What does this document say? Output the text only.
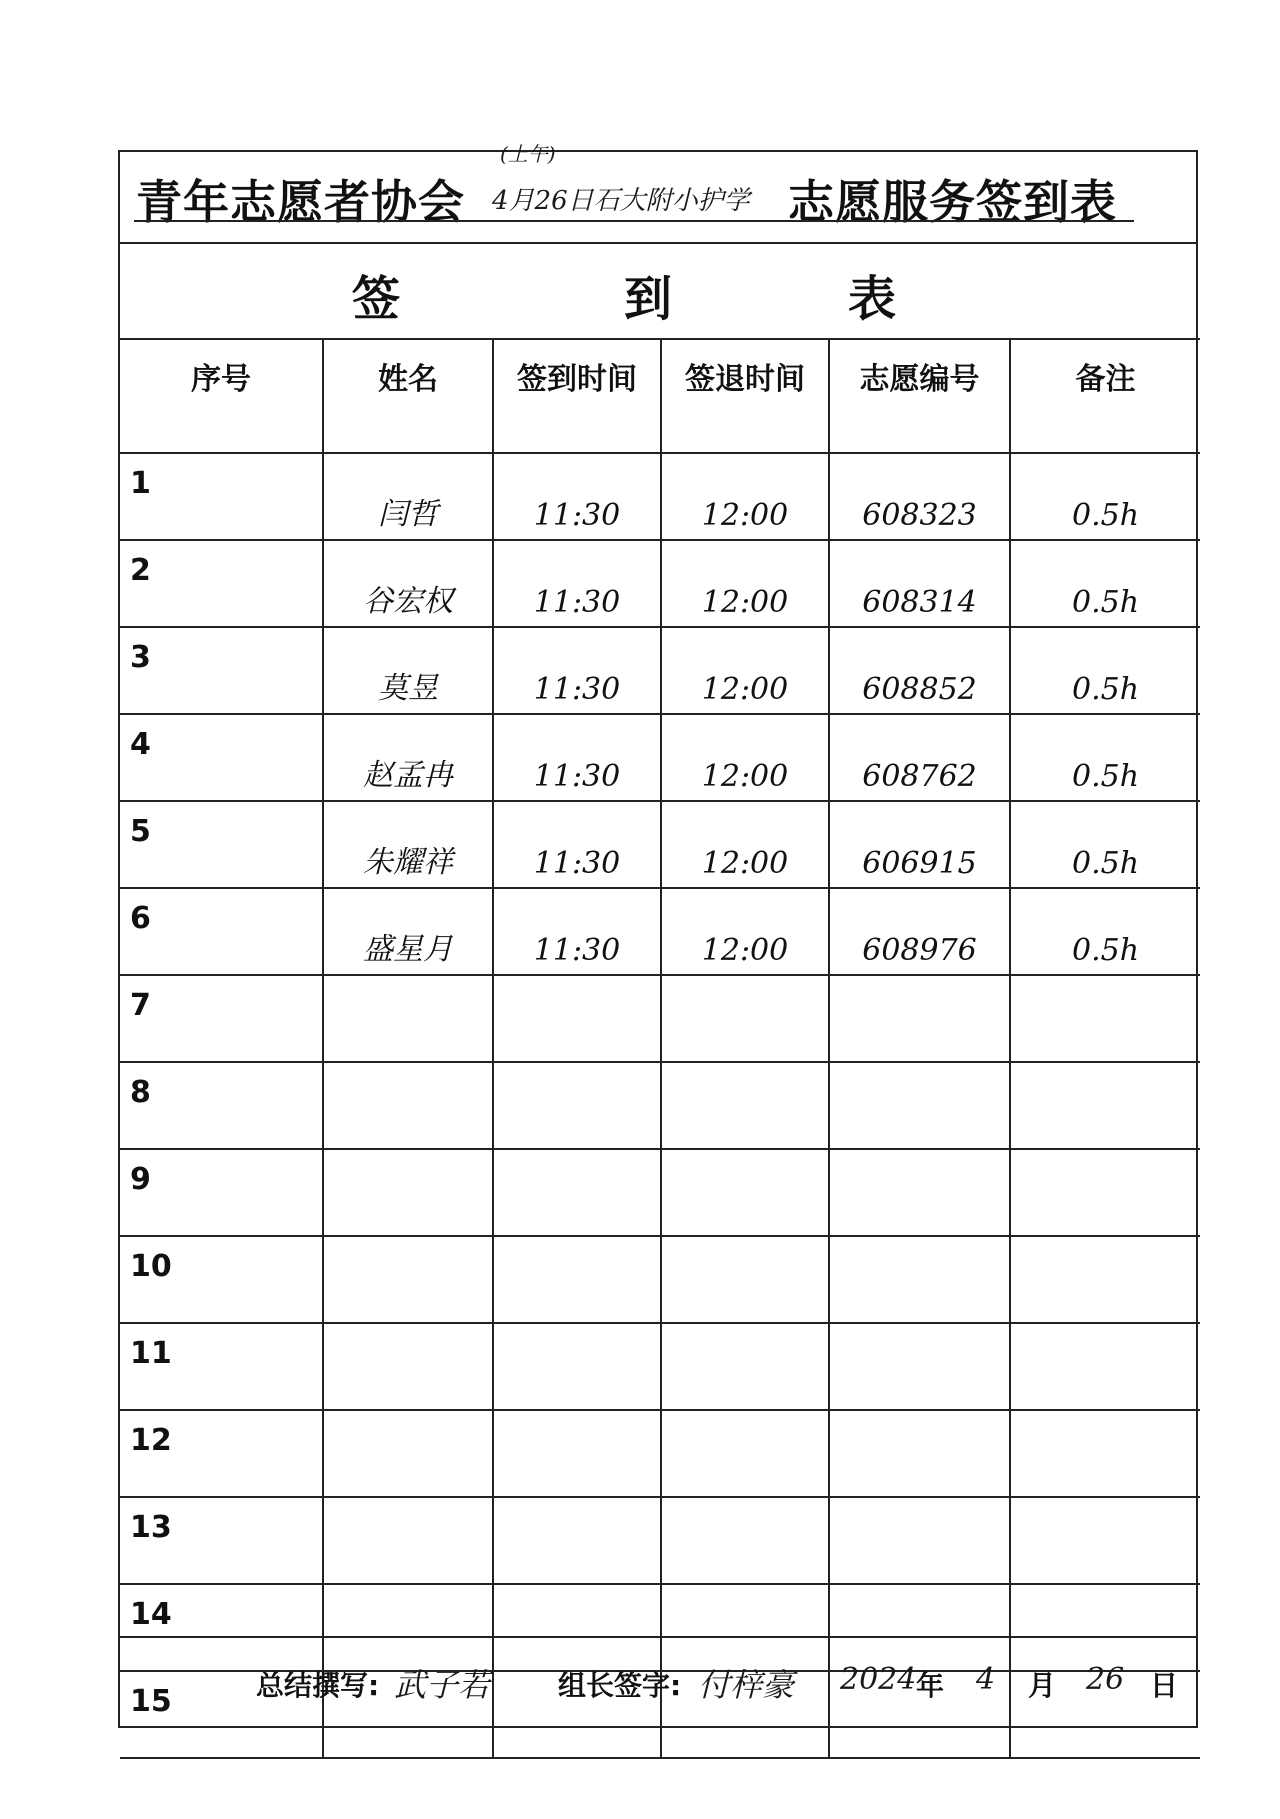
青年志愿者协会
(上午)
4月26日石大附小护学 志愿服务签到表
签	到	表
序号	姓名	签到时间	签退时间	志愿编号	备注
1	闫哲	11:30	12:00	608323	0.5h
2	谷宏权	11:30	12:00	608314	0.5h
3	莫昱	11:30	12:00	608852	0.5h
4	赵孟冉	11:30	12:00	608762	0.5h
5	朱耀祥	11:30	12:00	606915	0.5h
6	盛星月	11:30	12:00	608976	0.5h
7					
8					
9					
10					
11					
12					
13					
14					
15						总结撰写: 武子若 组长签字: 付梓豪 2024 年 4 月 26 日
